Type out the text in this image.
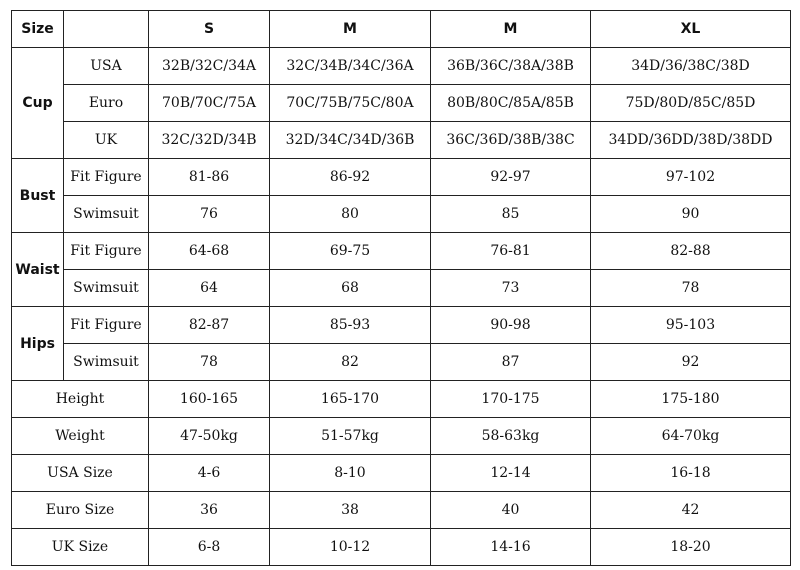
Size		S	M	M	XL
Cup	USA	32B/32C/34A	32C/34B/34C/36A	36B/36C/38A/38B	34D/36/38C/38D
	Euro	70B/70C/75A	70C/75B/75C/80A	80B/80C/85A/85B	75D/80D/85C/85D
	UK	32C/32D/34B	32D/34C/34D/36B	36C/36D/38B/38C	34DD/36DD/38D/38DD
Bust	Fit Figure	81-86	86-92	92-97	97-102
	Swimsuit	76	80	85	90
Waist	Fit Figure	64-68	69-75	76-81	82-88
	Swimsuit	64	68	73	78
Hips	Fit Figure	82-87	85-93	90-98	95-103
	Swimsuit	78	82	87	92
Height		160-165	165-170	170-175	175-180
Weight		47-50kg	51-57kg	58-63kg	64-70kg
USA Size		4-6	8-10	12-14	16-18
Euro Size		36	38	40	42
UK Size		6-8	10-12	14-16	18-20
